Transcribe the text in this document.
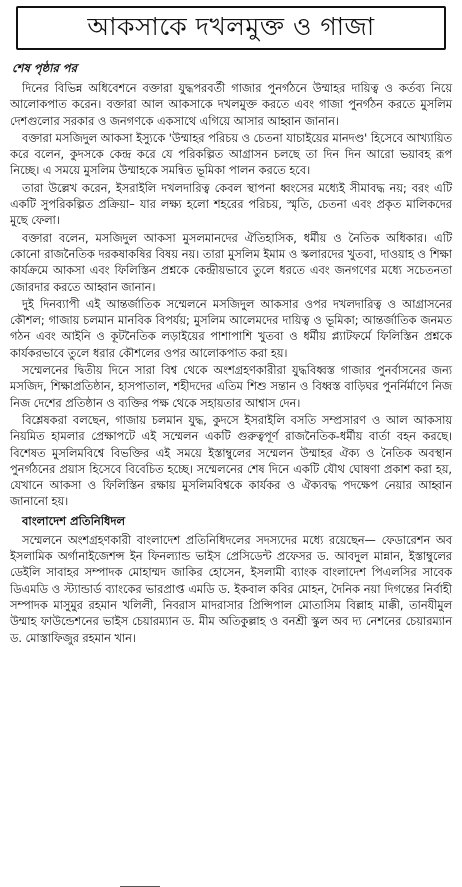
আকসাকে দখলমুক্ত ও গাজা
শেষ পৃষ্ঠার পর

দিনের বিভিন্ন অধিবেশনে বক্তারা যুদ্ধপরবর্তী গাজার পুনর্গঠনে উম্মাহর দায়িত্ব ও কর্তব্য নিয়ে আলোকপাত করেন। বক্তারা আল আকসাকে দখলমুক্ত করতে এবং গাজা পুনর্গঠন করতে মুসলিম দেশগুলোর সরকার ও জনগণকে একসাথে এগিয়ে আসার আহ্বান জানান।

বক্তারা মসজিদুল আকসা ইস্যুকে 'উম্মাহর পরিচয় ও চেতনা যাচাইয়ের মানদণ্ড' হিসেবে আখ্যায়িত করে বলেন, কুদসকে কেন্দ্র করে যে পরিকল্পিত আগ্রাসন চলছে তা দিন দিন আরো ভয়াবহ রূপ নিচ্ছে। এ সময়ে মুসলিম উম্মাহকে সমন্বিত ভূমিকা পালন করতে হবে।

তারা উল্লেখ করেন, ইসরাইলি দখলদারিত্ব কেবল স্থাপনা ধ্বংসের মধ্যেই সীমাবদ্ধ নয়; বরং এটি একটি সুপরিকল্পিত প্রক্রিয়া– যার লক্ষ্য হলো শহরের পরিচয়, স্মৃতি, চেতনা এবং প্রকৃত মালিকদের মুছে ফেলা।

বক্তারা বলেন, মসজিদুল আকসা মুসলমানদের ঐতিহাসিক, ধর্মীয় ও নৈতিক অধিকার। এটি কোনো রাজনৈতিক দরকষাকষির বিষয় নয়। তারা মুসলিম ইমাম ও স্কলারদের খুতবা, দাওয়াহ ও শিক্ষা কার্যক্রমে আকসা এবং ফিলিস্তিন প্রশ্নকে কেন্দ্রীয়ভাবে তুলে ধরতে এবং জনগণের মধ্যে সচেতনতা জোরদার করতে আহ্বান জানান।

দুই দিনব্যাপী এই আন্তর্জাতিক সম্মেলনে মসজিদুল আকসার ওপর দখলদারিত্ব ও আগ্রাসনের কৌশল; গাজায় চলমান মানবিক বিপর্যয়; মুসলিম আলেমদের দায়িত্ব ও ভূমিকা; আন্তর্জাতিক জনমত গঠন এবং আইনি ও কূটনৈতিক লড়াইয়ের পাশাপাশি খুতবা ও ধর্মীয় প্ল্যাটফর্মে ফিলিস্তিন প্রশ্নকে কার্যকরভাবে তুলে ধরার কৌশলের ওপর আলোকপাত করা হয়।

সম্মেলনের দ্বিতীয় দিনে সারা বিশ্ব থেকে অংশগ্রহণকারীরা যুদ্ধবিধ্বস্ত গাজার পুনর্বাসনের জন্য মসজিদ, শিক্ষাপ্রতিষ্ঠান, হাসপাতাল, শহীদদের এতিম শিশু সন্তান ও বিধ্বস্ত বাড়িঘর পুনর্নির্মাণে নিজ নিজ দেশের প্রতিষ্ঠান ও ব্যক্তির পক্ষ থেকে সহায়তার আশ্বাস দেন।

বিশ্লেষকরা বলছেন, গাজায় চলমান যুদ্ধ, কুদসে ইসরাইলি বসতি সম্প্রসারণ ও আল আকসায় নিয়মিত হামলার প্রেক্ষাপটে এই সম্মেলন একটি গুরুত্বপূর্ণ রাজনৈতিক-ধর্মীয় বার্তা বহন করছে। বিশেষত মুসলিমবিশ্বে বিভক্তির এই সময়ে ইস্তাম্বুলের সম্মেলন উম্মাহর ঐক্য ও নৈতিক অবস্থান পুনর্গঠনের প্রয়াস হিসেবে বিবেচিত হচ্ছে। সম্মেলনের শেষ দিনে একটি যৌথ ঘোষণা প্রকাশ করা হয়, যেখানে আকসা ও ফিলিস্তিন রক্ষায় মুসলিমবিশ্বকে কার্যকর ও ঐক্যবদ্ধ পদক্ষেপ নেয়ার আহ্বান জানানো হয়।

বাংলাদেশ প্রতিনিধিদল

সম্মেলনে অংশগ্রহণকারী বাংলাদেশ প্রতিনিধিদলের সদস্যদের মধ্যে রয়েছেন— ফেডারেশন অব ইসলামিক অর্গানাইজেশন্স ইন ফিনল্যান্ড ভাইস প্রেসিডেন্ট প্রফেসর ড. আবদুল মান্নান, ইস্তাম্বুলের ডেইলি সাবাহর সম্পাদক মোহাম্মদ জাকির হোসেন, ইসলামী ব্যাংক বাংলাদেশ পিএলসির সাবেক ডিএমডি ও স্ট্যান্ডার্ড ব্যাংকের ভারপ্রাপ্ত এমডি ড. ইকবাল কবির মোহন, দৈনিক নয়া দিগন্তের নির্বাহী সম্পাদক মাসুমুর রহমান খলিলী, নিবরাস মাদরাসার প্রিন্সিপাল মোতাসিম বিল্লাহ মাক্কী, তানযীমুল উম্মাহ ফাউন্ডেশনের ভাইস চেয়ারম্যান ড. মীম অতিকুল্লাহ ও বনশ্রী স্কুল অব দ্য নেশনের চেয়ারম্যান ড. মোস্তাফিজুর রহমান খান।
